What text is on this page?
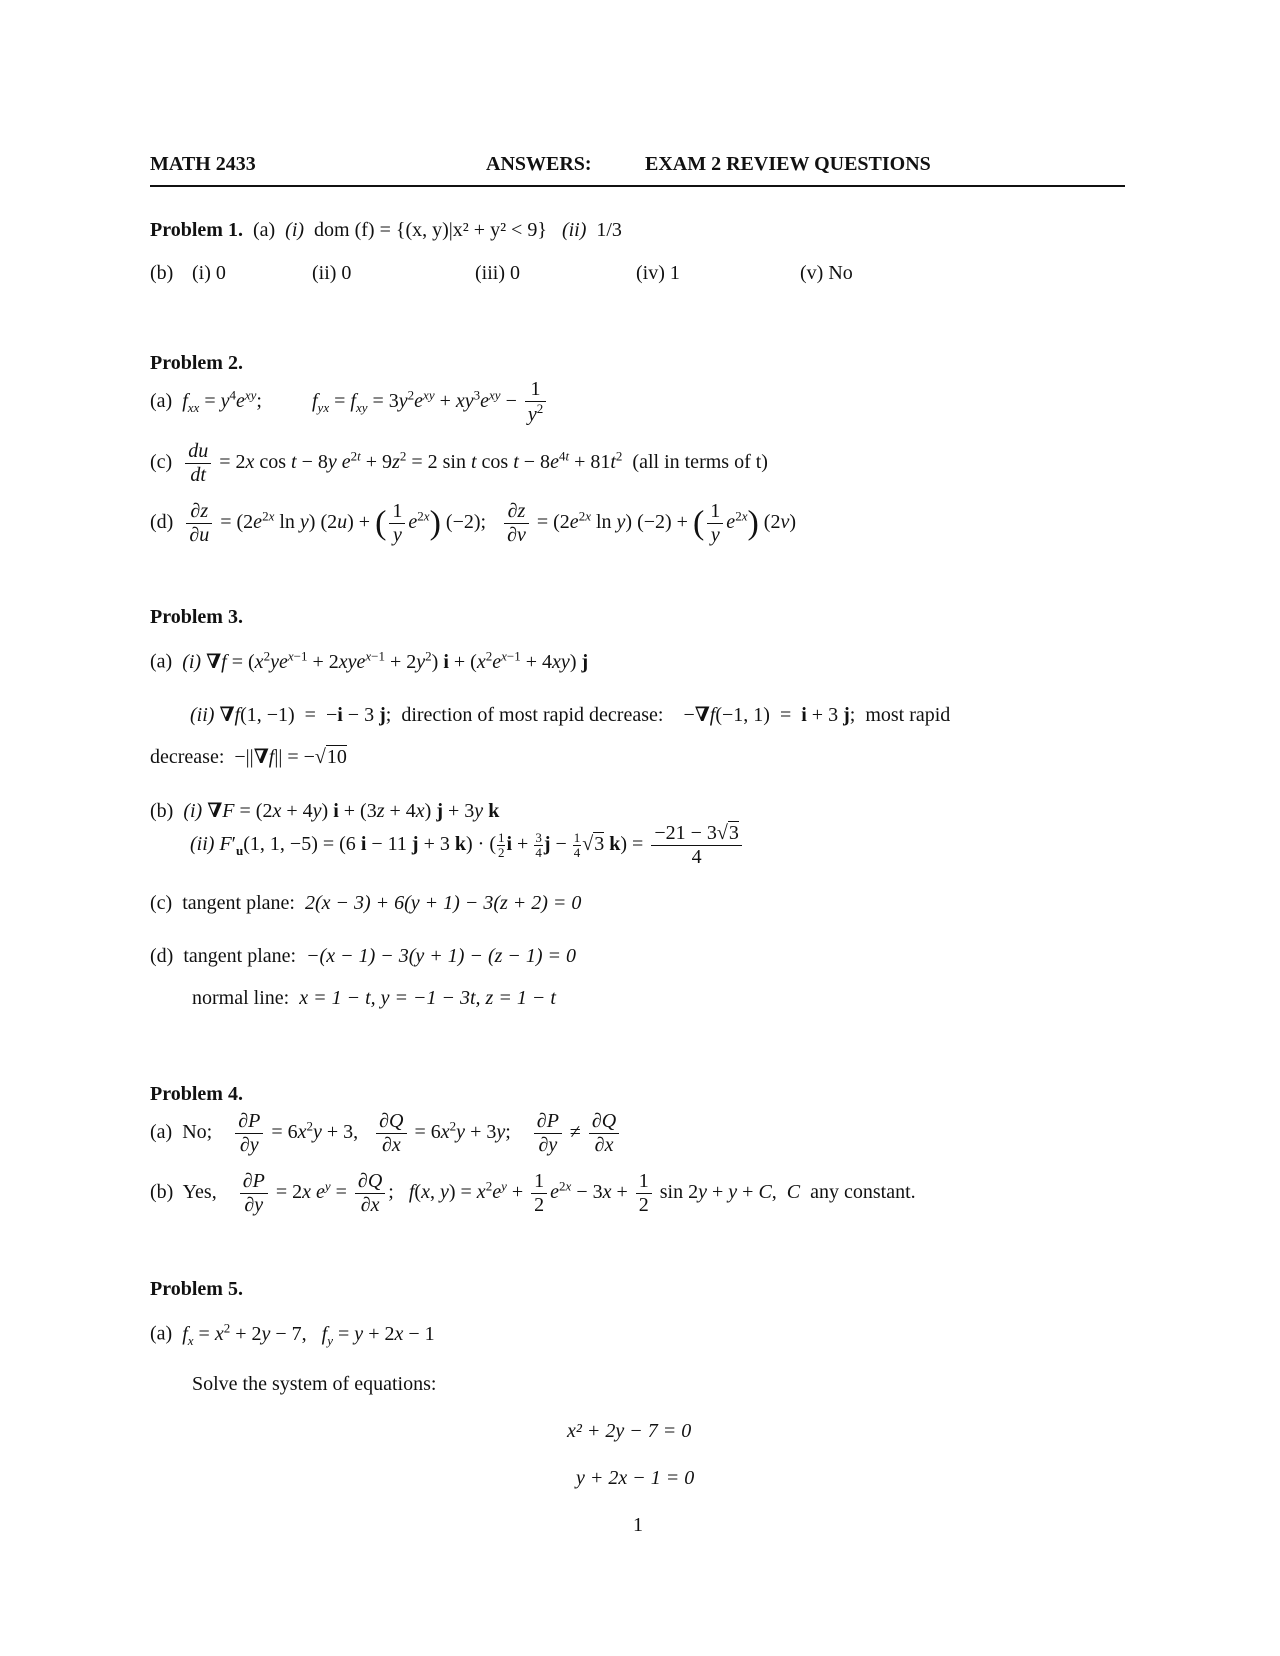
MATH 2433	ANSWERS:	EXAM 2 REVIEW QUESTIONS
Problem 1. (a) (i) dom (f) = {(x, y)|x² + y² < 9} (ii) 1/3
(b) (i) 0	(ii) 0	(iii) 0	(iv) 1	(v) No
Problem 2.
(a) $f_{xx} = y^4e^{xy}$;	$f_{yx} = f_{xy} = 3y^2e^{xy} + xy^3e^{xy} - \frac{1}{y^2}$
$(c) \frac{du}{dt} = 2x$ cos t − 8y $e^{2t} + 9z^2 = 2$ sin t $\cos t - 8e^{4t} + 81t^2$ (all in terms of t)
$(d) \frac{\partial z}{\partial u} = (2e^{2x}$ ln y) (2u) + ( $\frac{1}{y} e^{2x}$) (−2); $\frac{\partial z}{\partial v} = (2e^{2x}$ ln y) (−2) + ( $\frac{1}{y} e^{2x}$) (2v)
Problem 3.
(a) (i) $\nabla f = (x^2ye^{x-1} + 2xye^{x-1} + 2y^2) i + (x^2e^{x-1} + 4xy)$ j
(ii) ∇f(1, −1)  =  −i − 3 j; direction of most rapid decrease: −∇f(−1, 1)  =  i + 3 j; most rapid
decrease: −||∇f|| = −√10
(b) (i) ∇F = (2x + 4y) i + (3z + 4x) j + 3y k
(ii) $F'_u(1$, 1, −5) = (6 i − 11 j + 3 k) · ( $\frac{1}{2}$ $i + \frac{3}{4}$ $j - \frac{1}{4} √3$ $k) = \frac{-21 - 3√3}{4}$
(c) tangent plane: 2(x − 3) + 6(y + 1) − 3(z + 2) = 0
(d) tangent plane: −(x − 1) − 3(y + 1) − (z − 1) = 0
normal line: x = 1 − t, y = −1 − 3t, z = 1 − t
Problem 4.
(a) No; $\frac{\partial P}{\partial y} = 6x^2y + 3$, $\frac{\partial Q}{\partial x} = 6x^2y + 3y$; $\frac{\partial P}{\partial y} \ne \frac{\partial Q}{\partial x}$
(b) Yes, $\frac{\partial P}{\partial y} = 2x$ $e^y = \frac{\partial Q}{\partial x}$ ;   f(x, $y) = x^2e^y + \frac{1}{2} e^{2x} - 3x + \frac{1}{2}$ sin 2y + y + C,  C any constant.
Problem 5.
(a) $f_x = x^2 + 2y - 7$,   $f_y = y + 2x - 1$
Solve the system of equations:
x² + 2y − 7 = 0
y + 2x − 1 = 0
1
